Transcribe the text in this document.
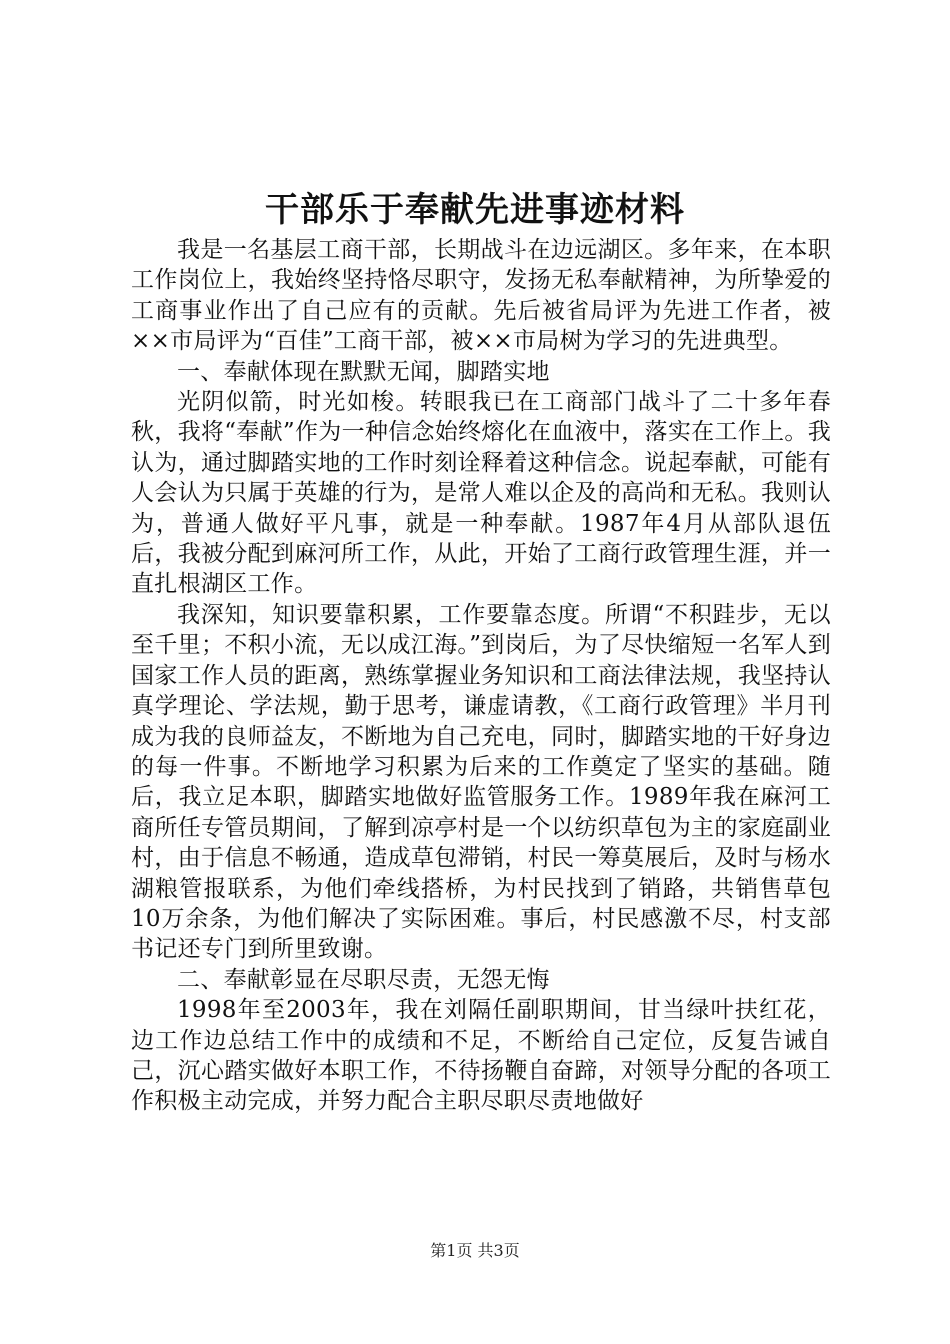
干部乐于奉献先进事迹材料

我是一名基层工商干部，长期战斗在边远湖区。多年来，在本职工作岗位上，我始终坚持恪尽职守，发扬无私奉献精神，为所挚爱的工商事业作出了自己应有的贡献。先后被省局评为先进工作者，被××市局评为“百佳”工商干部，被××市局树为学习的先进典型。

一、奉献体现在默默无闻，脚踏实地

光阴似箭，时光如梭。转眼我已在工商部门战斗了二十多年春秋，我将“奉献”作为一种信念始终熔化在血液中，落实在工作上。我认为，通过脚踏实地的工作时刻诠释着这种信念。说起奉献，可能有人会认为只属于英雄的行为，是常人难以企及的高尚和无私。我则认为，普通人做好平凡事，就是一种奉献。1987年4月从部队退伍后，我被分配到麻河所工作，从此，开始了工商行政管理生涯，并一直扎根湖区工作。

我深知，知识要靠积累，工作要靠态度。所谓“不积跬步，无以至千里；不积小流，无以成江海。”到岗后，为了尽快缩短一名军人到国家工作人员的距离，熟练掌握业务知识和工商法律法规，我坚持认真学理论、学法规，勤于思考，谦虚请教，《工商行政管理》半月刊成为我的良师益友，不断地为自己充电，同时，脚踏实地的干好身边的每一件事。不断地学习积累为后来的工作奠定了坚实的基础。随后，我立足本职，脚踏实地做好监管服务工作。1989年我在麻河工商所任专管员期间，了解到凉亭村是一个以纺织草包为主的家庭副业村，由于信息不畅通，造成草包滞销，村民一筹莫展后，及时与杨水湖粮管报联系，为他们牵线搭桥，为村民找到了销路，共销售草包10万余条，为他们解决了实际困难。事后，村民感激不尽，村支部书记还专门到所里致谢。

二、奉献彰显在尽职尽责，无怨无悔

1998年至2003年，我在刘隔任副职期间，甘当绿叶扶红花，边工作边总结工作中的成绩和不足，不断给自己定位，反复告诫自己，沉心踏实做好本职工作，不待扬鞭自奋蹄，对领导分配的各项工作积极主动完成，并努力配合主职尽职尽责地做好

第1页 共3页
